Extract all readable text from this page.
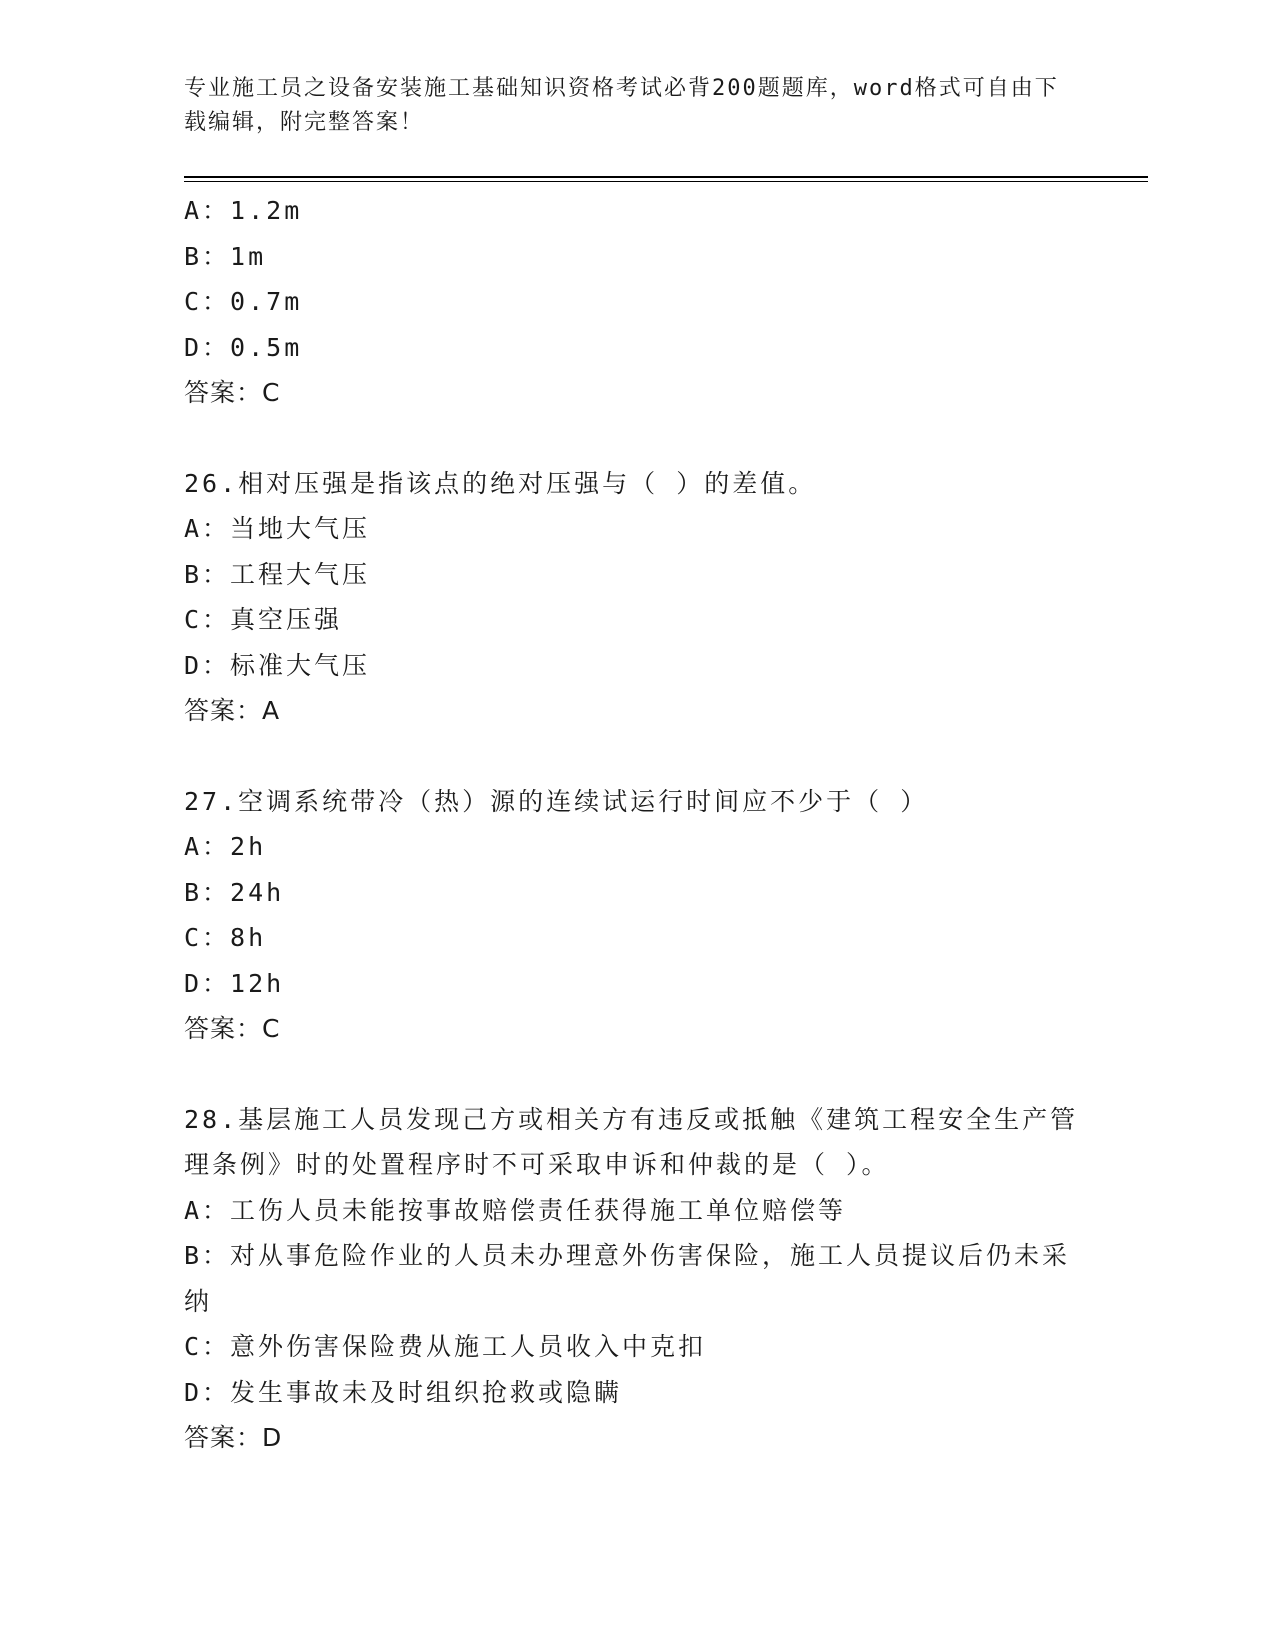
专业施工员之设备安装施工基础知识资格考试必背200题题库，word格式可自由下载编辑，附完整答案！
A：1.2m
B：1m
C：0.7m
D：0.5m
答案：C
26.相对压强是指该点的绝对压强与（ ）的差值。
A：当地大气压
B：工程大气压
C：真空压强
D：标准大气压
答案：A
27.空调系统带冷（热）源的连续试运行时间应不少于（ ）
A：2h
B：24h
C：8h
D：12h
答案：C
28.基层施工人员发现己方或相关方有违反或抵触《建筑工程安全生产管理条例》时的处置程序时不可采取申诉和仲裁的是（ ）。
A：工伤人员未能按事故赔偿责任获得施工单位赔偿等
B：对从事危险作业的人员未办理意外伤害保险，施工人员提议后仍未采纳
C：意外伤害保险费从施工人员收入中克扣
D：发生事故未及时组织抢救或隐瞒
答案：D
